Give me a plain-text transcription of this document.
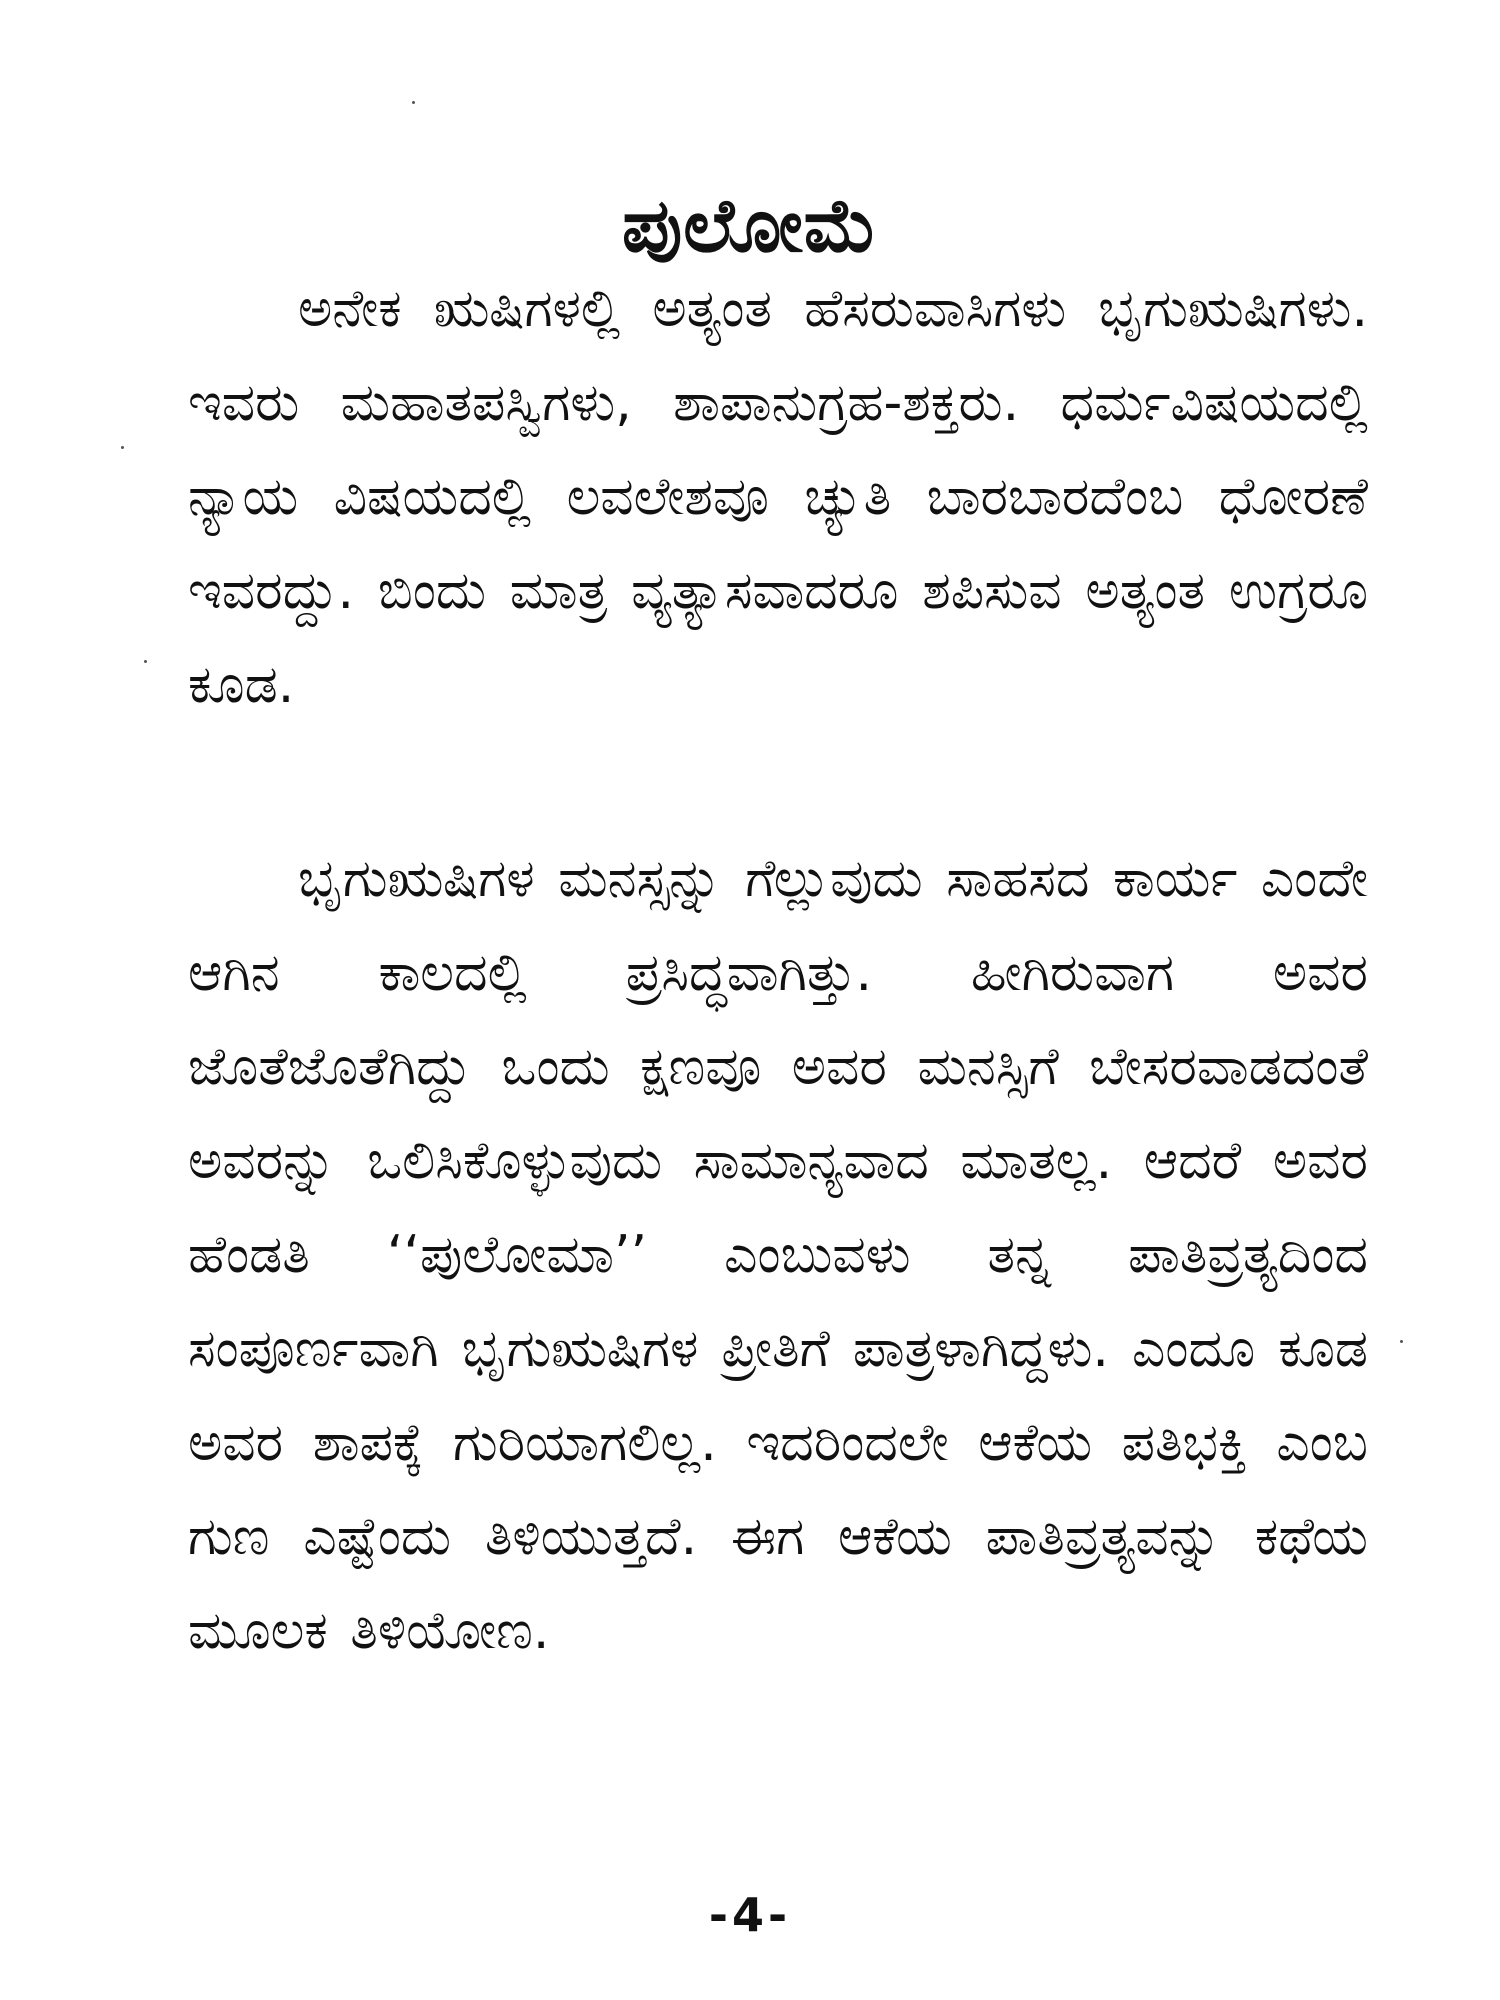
ಪುಲೋಮೆ

ಅನೇಕ ಋಷಿಗಳಲ್ಲಿ ಅತ್ಯಂತ ಹೆಸರುವಾಸಿಗಳು ಭೃಗುಋಷಿಗಳು. ಇವರು ಮಹಾತಪಸ್ವಿಗಳು, ಶಾಪಾನುಗ್ರಹ-ಶಕ್ತರು. ಧರ್ಮವಿಷಯದಲ್ಲಿ ನ್ಯಾಯ ವಿಷಯದಲ್ಲಿ ಲವಲೇಶವೂ ಚ್ಯುತಿ ಬಾರಬಾರದೆಂಬ ಧೋರಣೆ ಇವರದ್ದು. ಬಿಂದು ಮಾತ್ರ ವ್ಯತ್ಯಾಸವಾದರೂ ಶಪಿಸುವ ಅತ್ಯಂತ ಉಗ್ರರೂ ಕೂಡ.

ಭೃಗುಋಷಿಗಳ ಮನಸ್ಸನ್ನು ಗೆಲ್ಲುವುದು ಸಾಹಸದ ಕಾರ್ಯ ಎಂದೇ ಆಗಿನ ಕಾಲದಲ್ಲಿ ಪ್ರಸಿದ್ಧವಾಗಿತ್ತು. ಹೀಗಿರುವಾಗ ಅವರ ಜೊತೆಜೊತೆಗಿದ್ದು ಒಂದು ಕ್ಷಣವೂ ಅವರ ಮನಸ್ಸಿಗೆ ಬೇಸರವಾಡದಂತೆ ಅವರನ್ನು ಒಲಿಸಿಕೊಳ್ಳುವುದು ಸಾಮಾನ್ಯವಾದ ಮಾತಲ್ಲ. ಆದರೆ ಅವರ ಹೆಂಡತಿ ‘‘ಪುಲೋಮಾ’’ ಎಂಬುವಳು ತನ್ನ ಪಾತಿವ್ರತ್ಯದಿಂದ ಸಂಪೂರ್ಣವಾಗಿ ಭೃಗುಋಷಿಗಳ ಪ್ರೀತಿಗೆ ಪಾತ್ರಳಾಗಿದ್ದಳು. ಎಂದೂ ಕೂಡ ಅವರ ಶಾಪಕ್ಕೆ ಗುರಿಯಾಗಲಿಲ್ಲ. ಇದರಿಂದಲೇ ಆಕೆಯ ಪತಿಭಕ್ತಿ ಎಂಬ ಗುಣ ಎಷ್ಟೆಂದು ತಿಳಿಯುತ್ತದೆ. ಈಗ ಆಕೆಯ ಪಾತಿವ್ರತ್ಯವನ್ನು ಕಥೆಯ ಮೂಲಕ ತಿಳಿಯೋಣ.

-4-
